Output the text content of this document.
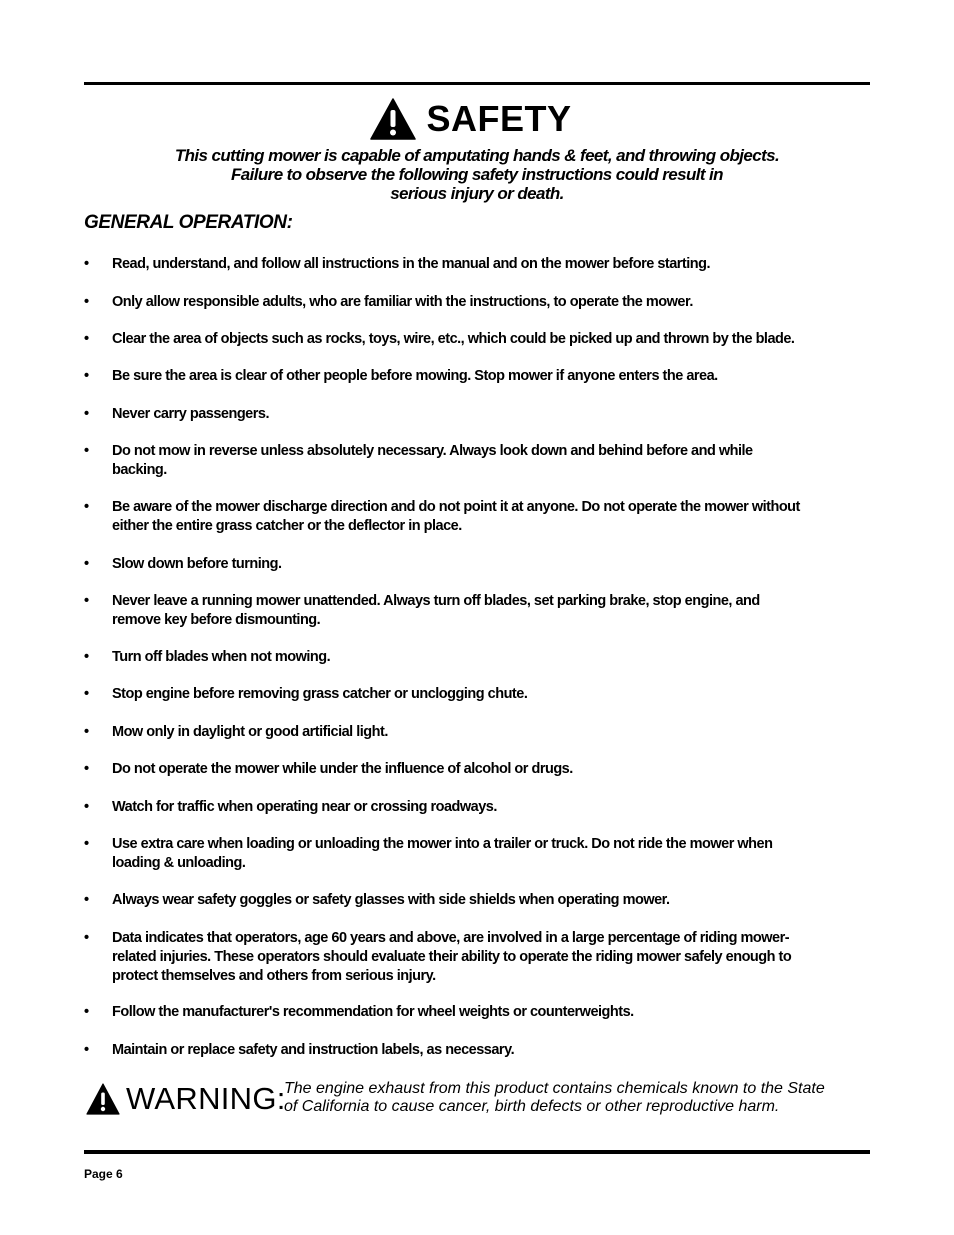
SAFETY
This cutting mower is capable of amputating hands & feet, and throwing objects.
Failure to observe the following safety instructions could result in
serious injury or death.
GENERAL OPERATION:
•	Read, understand, and follow all instructions in the manual and on the mower before starting.
•	Only allow responsible adults, who are familiar with the instructions, to operate the mower.
•	Clear the area of objects such as rocks, toys, wire, etc., which could be picked up and thrown by the blade.
•	Be sure the area is clear of other people before mowing. Stop mower if anyone enters the area.
•	Never carry passengers.
•	Do not mow in reverse unless absolutely necessary. Always look down and behind before and while
backing.
•	Be aware of the mower discharge direction and do not point it at anyone. Do not operate the mower without
either the entire grass catcher or the deflector in place.
•	Slow down before turning.
•	Never leave a running mower unattended. Always turn off blades, set parking brake, stop engine, and
remove key before dismounting.
•	Turn off blades when not mowing.
•	Stop engine before removing grass catcher or unclogging chute.
•	Mow only in daylight or good artificial light.
•	Do not operate the mower while under the influence of alcohol or drugs.
•	Watch for traffic when operating near or crossing roadways.
•	Use extra care when loading or unloading the mower into a trailer or truck. Do not ride the mower when
loading & unloading.
•	Always wear safety goggles or safety glasses with side shields when operating mower.
•	Data indicates that operators, age 60 years and above, are involved in a large percentage of riding mower-
related injuries. These operators should evaluate their ability to operate the riding mower safely enough to
protect themselves and others from serious injury.
•	Follow the manufacturer's recommendation for wheel weights or counterweights.
•	Maintain or replace safety and instruction labels, as necessary.
WARNING:
The engine exhaust from this product contains chemicals known to the State
of California to cause cancer, birth defects or other reproductive harm.
Page 6
